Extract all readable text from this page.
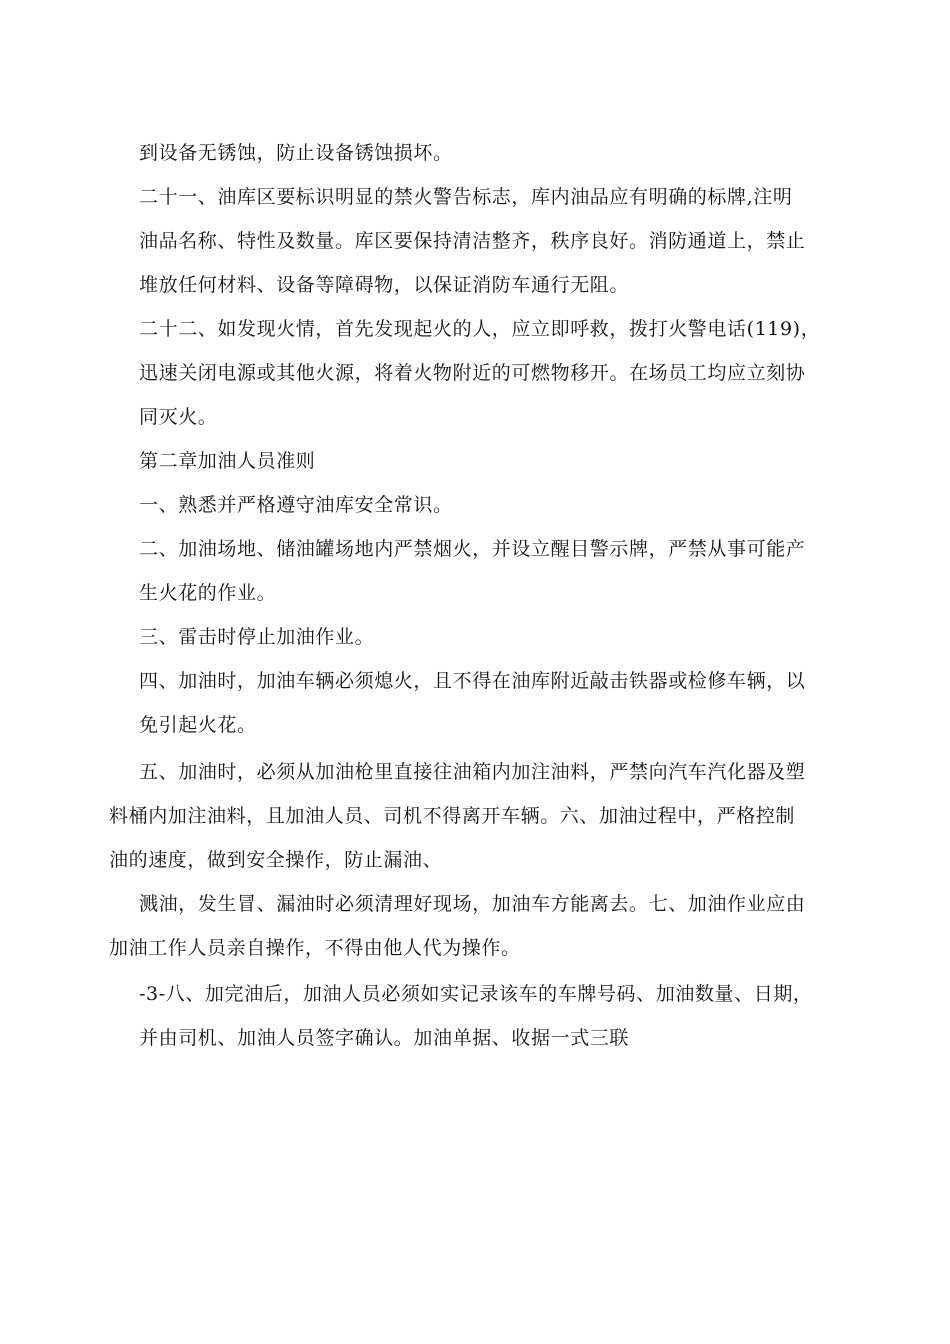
到设备无锈蚀，防止设备锈蚀损坏。
二十一、油库区要标识明显的禁火警告标志，库内油品应有明确的标牌,注明
油品名称、特性及数量。库区要保持清洁整齐，秩序良好。消防通道上，禁止
堆放任何材料、设备等障碍物，以保证消防车通行无阻。
二十二、如发现火情，首先发现起火的人，应立即呼救，拨打火警电话(119)，
迅速关闭电源或其他火源，将着火物附近的可燃物移开。在场员工均应立刻协
同灭火。
第二章加油人员准则
一、熟悉并严格遵守油库安全常识。
二、加油场地、储油罐场地内严禁烟火，并设立醒目警示牌，严禁从事可能产
生火花的作业。
三、雷击时停止加油作业。
四、加油时，加油车辆必须熄火，且不得在油库附近敲击铁器或检修车辆，以
免引起火花。
五、加油时，必须从加油枪里直接往油箱内加注油料，严禁向汽车汽化器及塑
料桶内加注油料，且加油人员、司机不得离开车辆。六、加油过程中，严格控制
油的速度，做到安全操作，防止漏油、
溅油，发生冒、漏油时必须清理好现场，加油车方能离去。七、加油作业应由
加油工作人员亲自操作，不得由他人代为操作。
-3-八、加完油后，加油人员必须如实记录该车的车牌号码、加油数量、日期，
并由司机、加油人员签字确认。加油单据、收据一式三联
